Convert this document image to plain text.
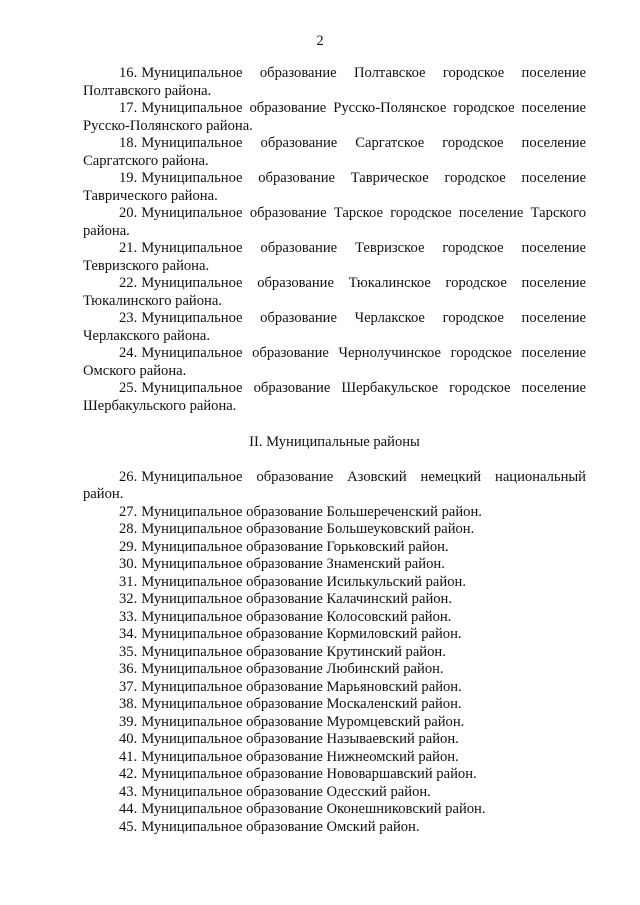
2

16. Муниципальное образование Полтавское городское поселение Полтавского района.

17. Муниципальное образование Русско-Полянское городское поселение Русско-Полянского района.

18. Муниципальное образование Саргатское городское поселение Саргатского района.

19. Муниципальное образование Таврическое городское поселение Таврического района.

20. Муниципальное образование Тарское городское поселение Тарского района.

21. Муниципальное образование Тевризское городское поселение Тевризского района.

22. Муниципальное образование Тюкалинское городское поселение Тюкалинского района.

23. Муниципальное образование Черлакское городское поселение Черлакского района.

24. Муниципальное образование Чернолучинское городское поселение Омского района.

25. Муниципальное образование Шербакульское городское поселение Шербакульского района.

II. Муниципальные районы

26. Муниципальное образование Азовский немецкий национальный район.

27. Муниципальное образование Большереченский район.

28. Муниципальное образование Большеуковский район.

29. Муниципальное образование Горьковский район.

30. Муниципальное образование Знаменский район.

31. Муниципальное образование Исилькульский район.

32. Муниципальное образование Калачинский район.

33. Муниципальное образование Колосовский район.

34. Муниципальное образование Кормиловский район.

35. Муниципальное образование Крутинский район.

36. Муниципальное образование Любинский район.

37. Муниципальное образование Марьяновский район.

38. Муниципальное образование Москаленский район.

39. Муниципальное образование Муромцевский район.

40. Муниципальное образование Называевский район.

41. Муниципальное образование Нижнеомский район.

42. Муниципальное образование Нововаршавский район.

43. Муниципальное образование Одесский район.

44. Муниципальное образование Оконешниковский район.

45. Муниципальное образование Омский район.
